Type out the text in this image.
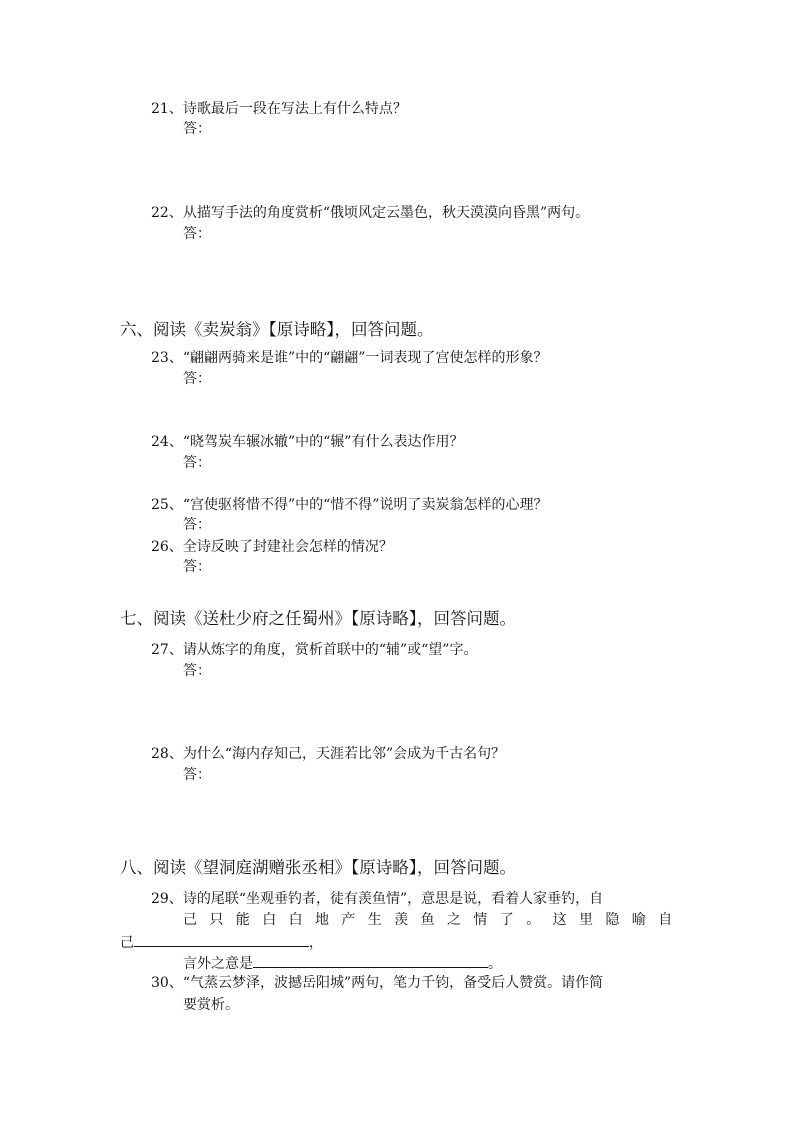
21、诗歌最后一段在写法上有什么特点？
答：
22、从描写手法的角度赏析“俄顷风定云墨色，秋天漠漠向昏黑”两句。
答：
六、阅读《卖炭翁》【原诗略】，回答问题。
23、“翩翩两骑来是谁”中的“翩翩”一词表现了宫使怎样的形象？
答：
24、“晓驾炭车辗冰辙”中的“辗”有什么表达作用？
答：
25、“宫使驱将惜不得”中的“惜不得”说明了卖炭翁怎样的心理？
答：
26、全诗反映了封建社会怎样的情况？
答：
七、阅读《送杜少府之任蜀州》【原诗略】，回答问题。
27、请从炼字的角度，赏析首联中的“辅”或“望”字。
答：
28、为什么“海内存知己，天涯若比邻”会成为千古名句？
答：
八、阅读《望洞庭湖赠张丞相》【原诗略】，回答问题。
29、诗的尾联“坐观垂钓者，徒有羡鱼情”，意思是说，看着人家垂钓，自
己只能白白地产生羡鱼之情了。这里隐喻自
己	，
言外之意是	。
30、“气蒸云梦泽，波撼岳阳城”两句，笔力千钧，备受后人赞赏。请作简
要赏析。
